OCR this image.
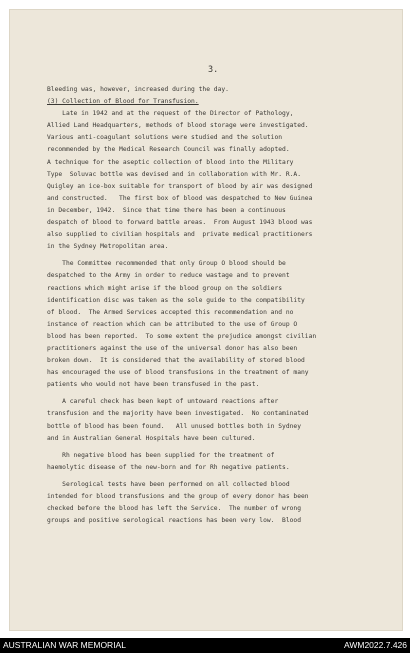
3.
Bleeding was, however, increased during the day.
(3) Collection of Blood for Transfusion.
Late in 1942 and at the request of the Director of Pathology,
Allied Land Headquarters, methods of blood storage were investigated.
Various anti-coagulant solutions were studied and the solution
recommended by the Medical Research Council was finally adopted.
A technique for the aseptic collection of blood into the Military
Type  Soluvac bottle was devised and in collaboration with Mr. R.A.
Quigley an ice-box suitable for transport of blood by air was designed
and constructed.   The first box of blood was despatched to New Guinea
in December, 1942.  Since that time there has been a continuous
despatch of blood to forward battle areas.  From August 1943 blood was
also supplied to civilian hospitals and  private medical practitioners
in the Sydney Metropolitan area.
The Committee recommended that only Group O blood should be
despatched to the Army in order to reduce wastage and to prevent
reactions which might arise if the blood group on the soldiers
identification disc was taken as the sole guide to the compatibility
of blood.  The Armed Services accepted this recommendation and no
instance of reaction which can be attributed to the use of Group O
blood has been reported.  To some extent the prejudice amongst civilian
practitioners against the use of the universal donor has also been
broken down.  It is considered that the availability of stored blood
has encouraged the use of blood transfusions in the treatment of many
patients who would not have been transfused in the past.
A careful check has been kept of untoward reactions after
transfusion and the majority have been investigated.  No contaminated
bottle of blood has been found.   All unused bottles both in Sydney
and in Australian General Hospitals have been cultured.
Rh negative blood has been supplied for the treatment of
haemolytic disease of the new-born and for Rh negative patients.
Serological tests have been performed on all collected blood
intended for blood transfusions and the group of every donor has been
checked before the blood has left the Service.  The number of wrong
groups and positive serological reactions has been very low.  Blood
AUSTRALIAN WAR MEMORIAL	AWM2022.7.426
